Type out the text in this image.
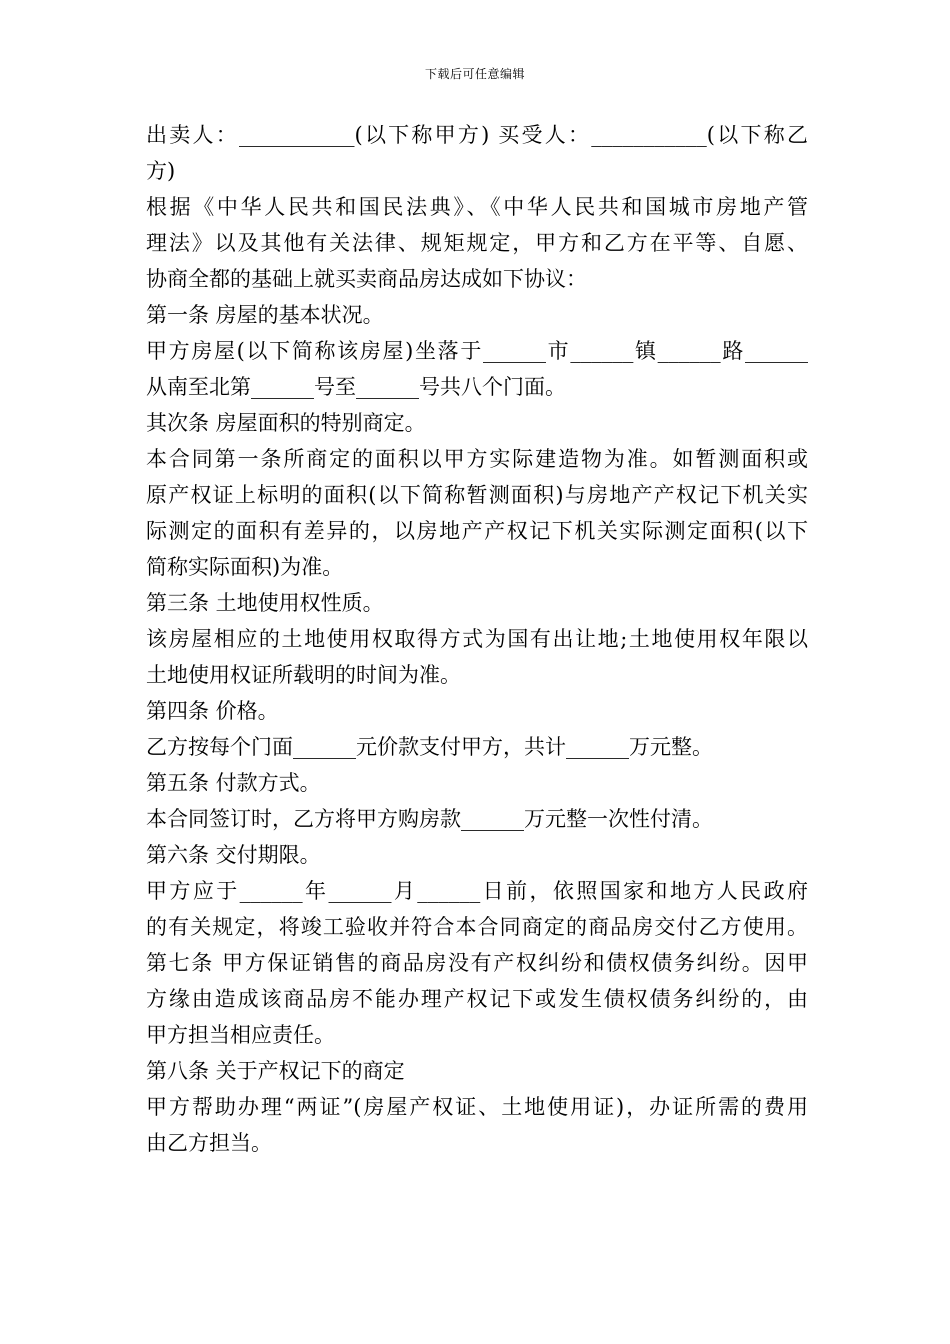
下载后可任意编辑
出卖人：___________(以下称甲方) 买受人：___________(以下称乙
方)
根据《中华人民共和国民法典》、《中华人民共和国城市房地产管
理法》以及其他有关法律、规矩规定，甲方和乙方在平等、自愿、
协商全都的基础上就买卖商品房达成如下协议：
第一条 房屋的基本状况。
甲方房屋(以下简称该房屋)坐落于______市______镇______路______
从南至北第______号至______号共八个门面。
其次条 房屋面积的特别商定。
本合同第一条所商定的面积以甲方实际建造物为准。如暂测面积或
原产权证上标明的面积(以下简称暂测面积)与房地产产权记下机关实
际测定的面积有差异的，以房地产产权记下机关实际测定面积(以下
简称实际面积)为准。
第三条 土地使用权性质。
该房屋相应的土地使用权取得方式为国有出让地;土地使用权年限以
土地使用权证所载明的时间为准。
第四条 价格。
乙方按每个门面______元价款支付甲方，共计______万元整。
第五条 付款方式。
本合同签订时，乙方将甲方购房款______万元整一次性付清。
第六条 交付期限。
甲方应于______年______月______日前，依照国家和地方人民政府
的有关规定，将竣工验收并符合本合同商定的商品房交付乙方使用。
第七条 甲方保证销售的商品房没有产权纠纷和债权债务纠纷。因甲
方缘由造成该商品房不能办理产权记下或发生债权债务纠纷的，由
甲方担当相应责任。
第八条 关于产权记下的商定
甲方帮助办理“两证”(房屋产权证、土地使用证)，办证所需的费用
由乙方担当。
